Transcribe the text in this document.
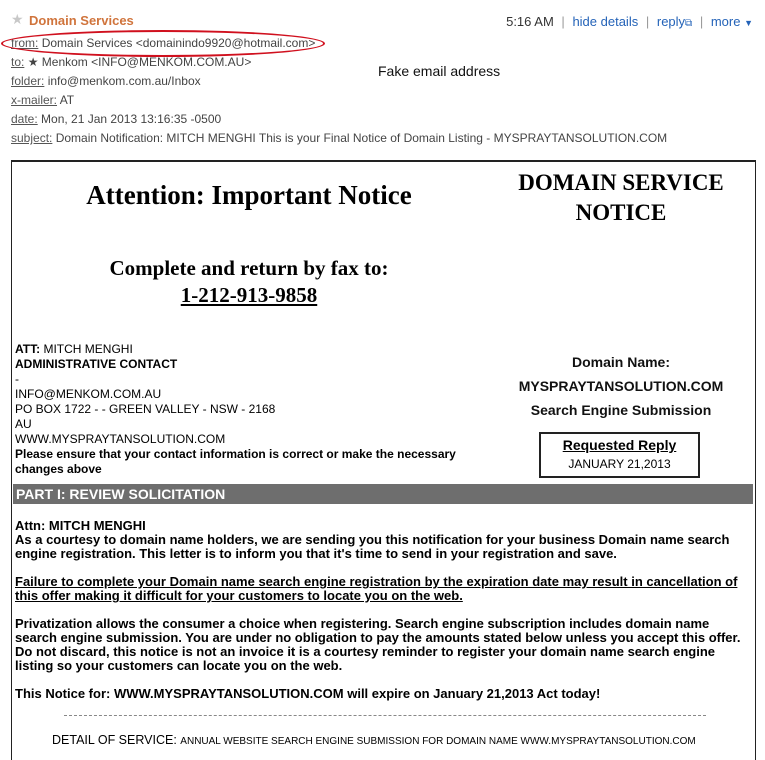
★ Domain Services	5:16 AM | hide details | reply⧉ | more ▼
from: Domain Services <domainindo9920@hotmail.com>
to: ★ Menkom <INFO@MENKOM.COM.AU>
folder: info@menkom.com.au/Inbox
x-mailer: AT
date: Mon, 21 Jan 2013 13:16:35 -0500
subject: Domain Notification: MITCH MENGHI This is your Final Notice of Domain Listing - MYSPRAYTANSOLUTION.COM
Fake email address
Attention: Important Notice	DOMAIN SERVICE
NOTICE
Complete and return by fax to:
1-212-913-9858
ATT: MITCH MENGHI
ADMINISTRATIVE CONTACT
-
INFO@MENKOM.COM.AU
PO BOX 1722 - - GREEN VALLEY - NSW - 2168
AU
WWW.MYSPRAYTANSOLUTION.COM
Please ensure that your contact information is correct or make the necessary changes above
Domain Name:
MYSPRAYTANSOLUTION.COM
Search Engine Submission
Requested Reply
JANUARY 21,2013
PART I: REVIEW SOLICITATION

Attn: MITCH MENGHI
As a courtesy to domain name holders, we are sending you this notification for your business Domain name search engine registration. This letter is to inform you that it's time to send in your registration and save.

Failure to complete your Domain name search engine registration by the expiration date may result in cancellation of this offer making it difficult for your customers to locate you on the web.

Privatization allows the consumer a choice when registering. Search engine subscription includes domain name search engine submission. You are under no obligation to pay the amounts stated below unless you accept this offer. Do not discard, this notice is not an invoice it is a courtesy reminder to register your domain name search engine listing so your customers can locate you on the web.

This Notice for: WWW.MYSPRAYTANSOLUTION.COM will expire on January 21,2013 Act today!

DETAIL OF SERVICE: ANNUAL WEBSITE SEARCH ENGINE SUBMISSION FOR DOMAIN NAME WWW.MYSPRAYTANSOLUTION.COM
